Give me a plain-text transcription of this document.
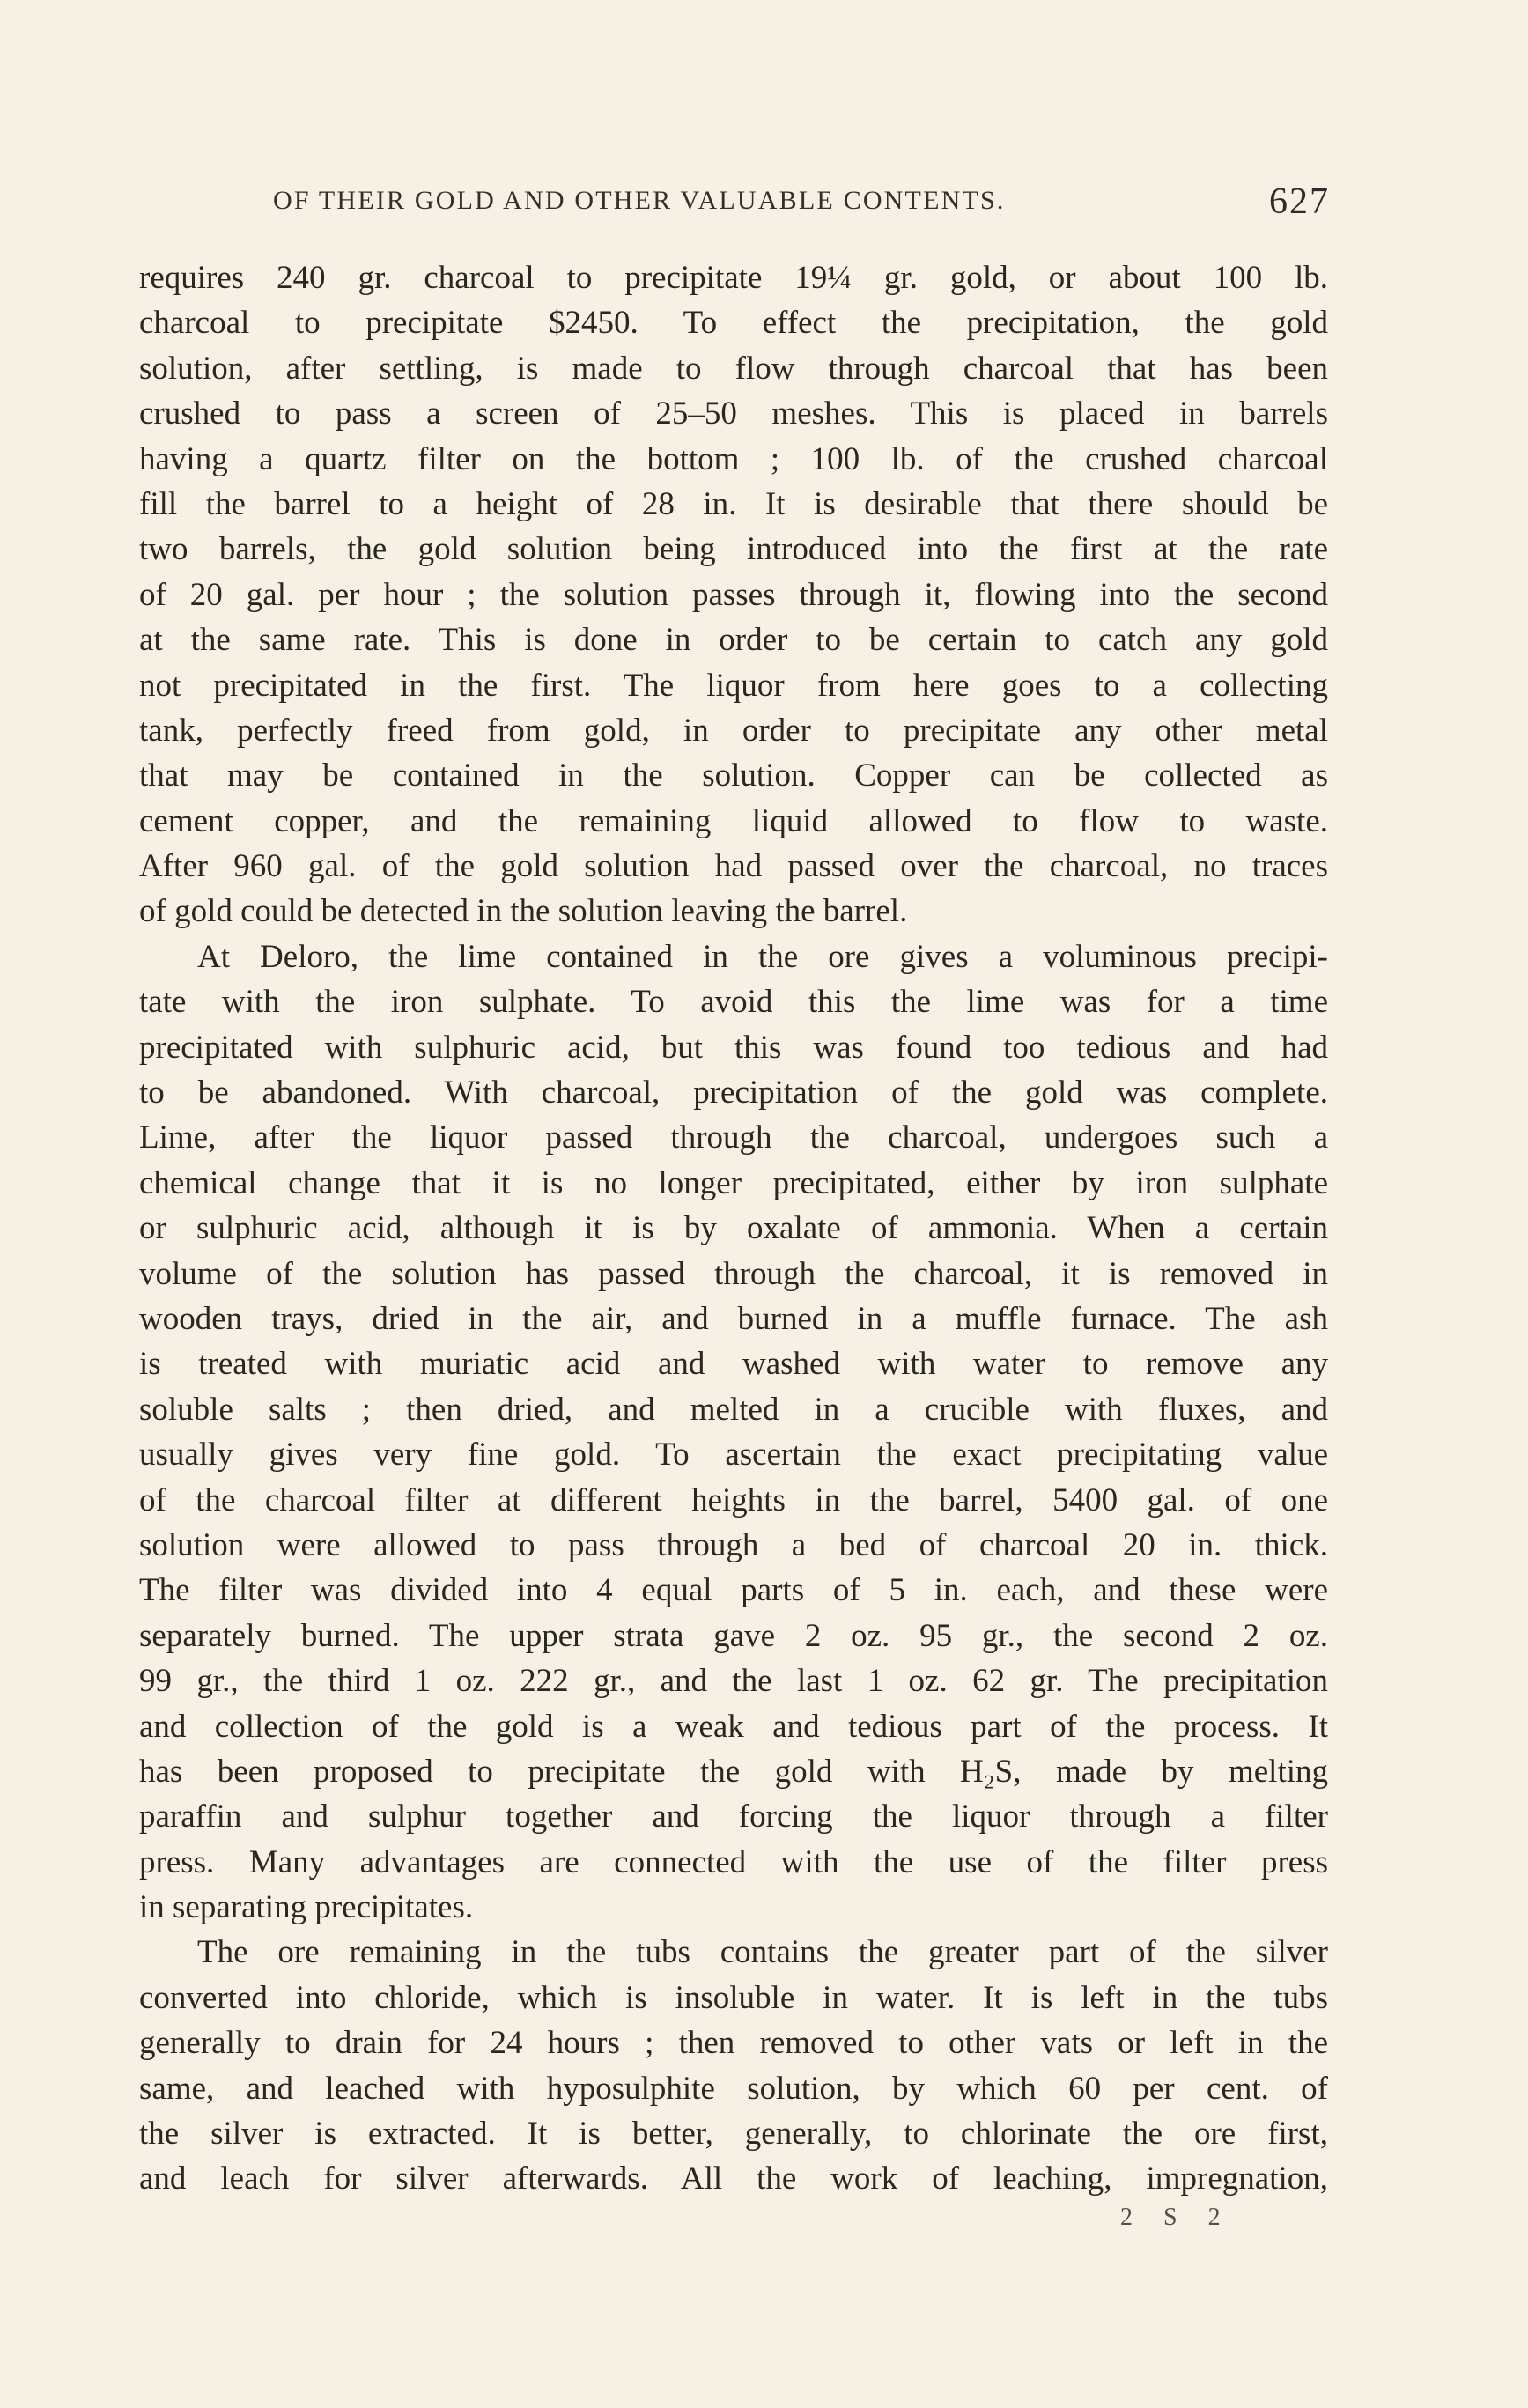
OF THEIR GOLD AND OTHER VALUABLE CONTENTS.	627
requires 240 gr. charcoal to precipitate 19¼ gr. gold, or about 100 lb.
charcoal to precipitate $2450. To effect the precipitation, the gold
solution, after settling, is made to flow through charcoal that has been
crushed to pass a screen of 25–50 meshes. This is placed in barrels
having a quartz filter on the bottom ; 100 lb. of the crushed charcoal
fill the barrel to a height of 28 in. It is desirable that there should be
two barrels, the gold solution being introduced into the first at the rate
of 20 gal. per hour ; the solution passes through it, flowing into the second
at the same rate. This is done in order to be certain to catch any gold
not precipitated in the first. The liquor from here goes to a collecting
tank, perfectly freed from gold, in order to precipitate any other metal
that may be contained in the solution. Copper can be collected as
cement copper, and the remaining liquid allowed to flow to waste.
After 960 gal. of the gold solution had passed over the charcoal, no traces
of gold could be detected in the solution leaving the barrel.
At Deloro, the lime contained in the ore gives a voluminous precipi-
tate with the iron sulphate. To avoid this the lime was for a time
precipitated with sulphuric acid, but this was found too tedious and had
to be abandoned. With charcoal, precipitation of the gold was complete.
Lime, after the liquor passed through the charcoal, undergoes such a
chemical change that it is no longer precipitated, either by iron sulphate
or sulphuric acid, although it is by oxalate of ammonia. When a certain
volume of the solution has passed through the charcoal, it is removed in
wooden trays, dried in the air, and burned in a muffle furnace. The ash
is treated with muriatic acid and washed with water to remove any
soluble salts ; then dried, and melted in a crucible with fluxes, and
usually gives very fine gold. To ascertain the exact precipitating value
of the charcoal filter at different heights in the barrel, 5400 gal. of one
solution were allowed to pass through a bed of charcoal 20 in. thick.
The filter was divided into 4 equal parts of 5 in. each, and these were
separately burned. The upper strata gave 2 oz. 95 gr., the second 2 oz.
99 gr., the third 1 oz. 222 gr., and the last 1 oz. 62 gr. The precipitation
and collection of the gold is a weak and tedious part of the process. It
has been proposed to precipitate the gold with H₂S, made by melting
paraffin and sulphur together and forcing the liquor through a filter
press. Many advantages are connected with the use of the filter press
in separating precipitates.
The ore remaining in the tubs contains the greater part of the silver
converted into chloride, which is insoluble in water. It is left in the tubs
generally to drain for 24 hours ; then removed to other vats or left in the
same, and leached with hyposulphite solution, by which 60 per cent. of
the silver is extracted. It is better, generally, to chlorinate the ore first,
and leach for silver afterwards. All the work of leaching, impregnation,
2 S 2
